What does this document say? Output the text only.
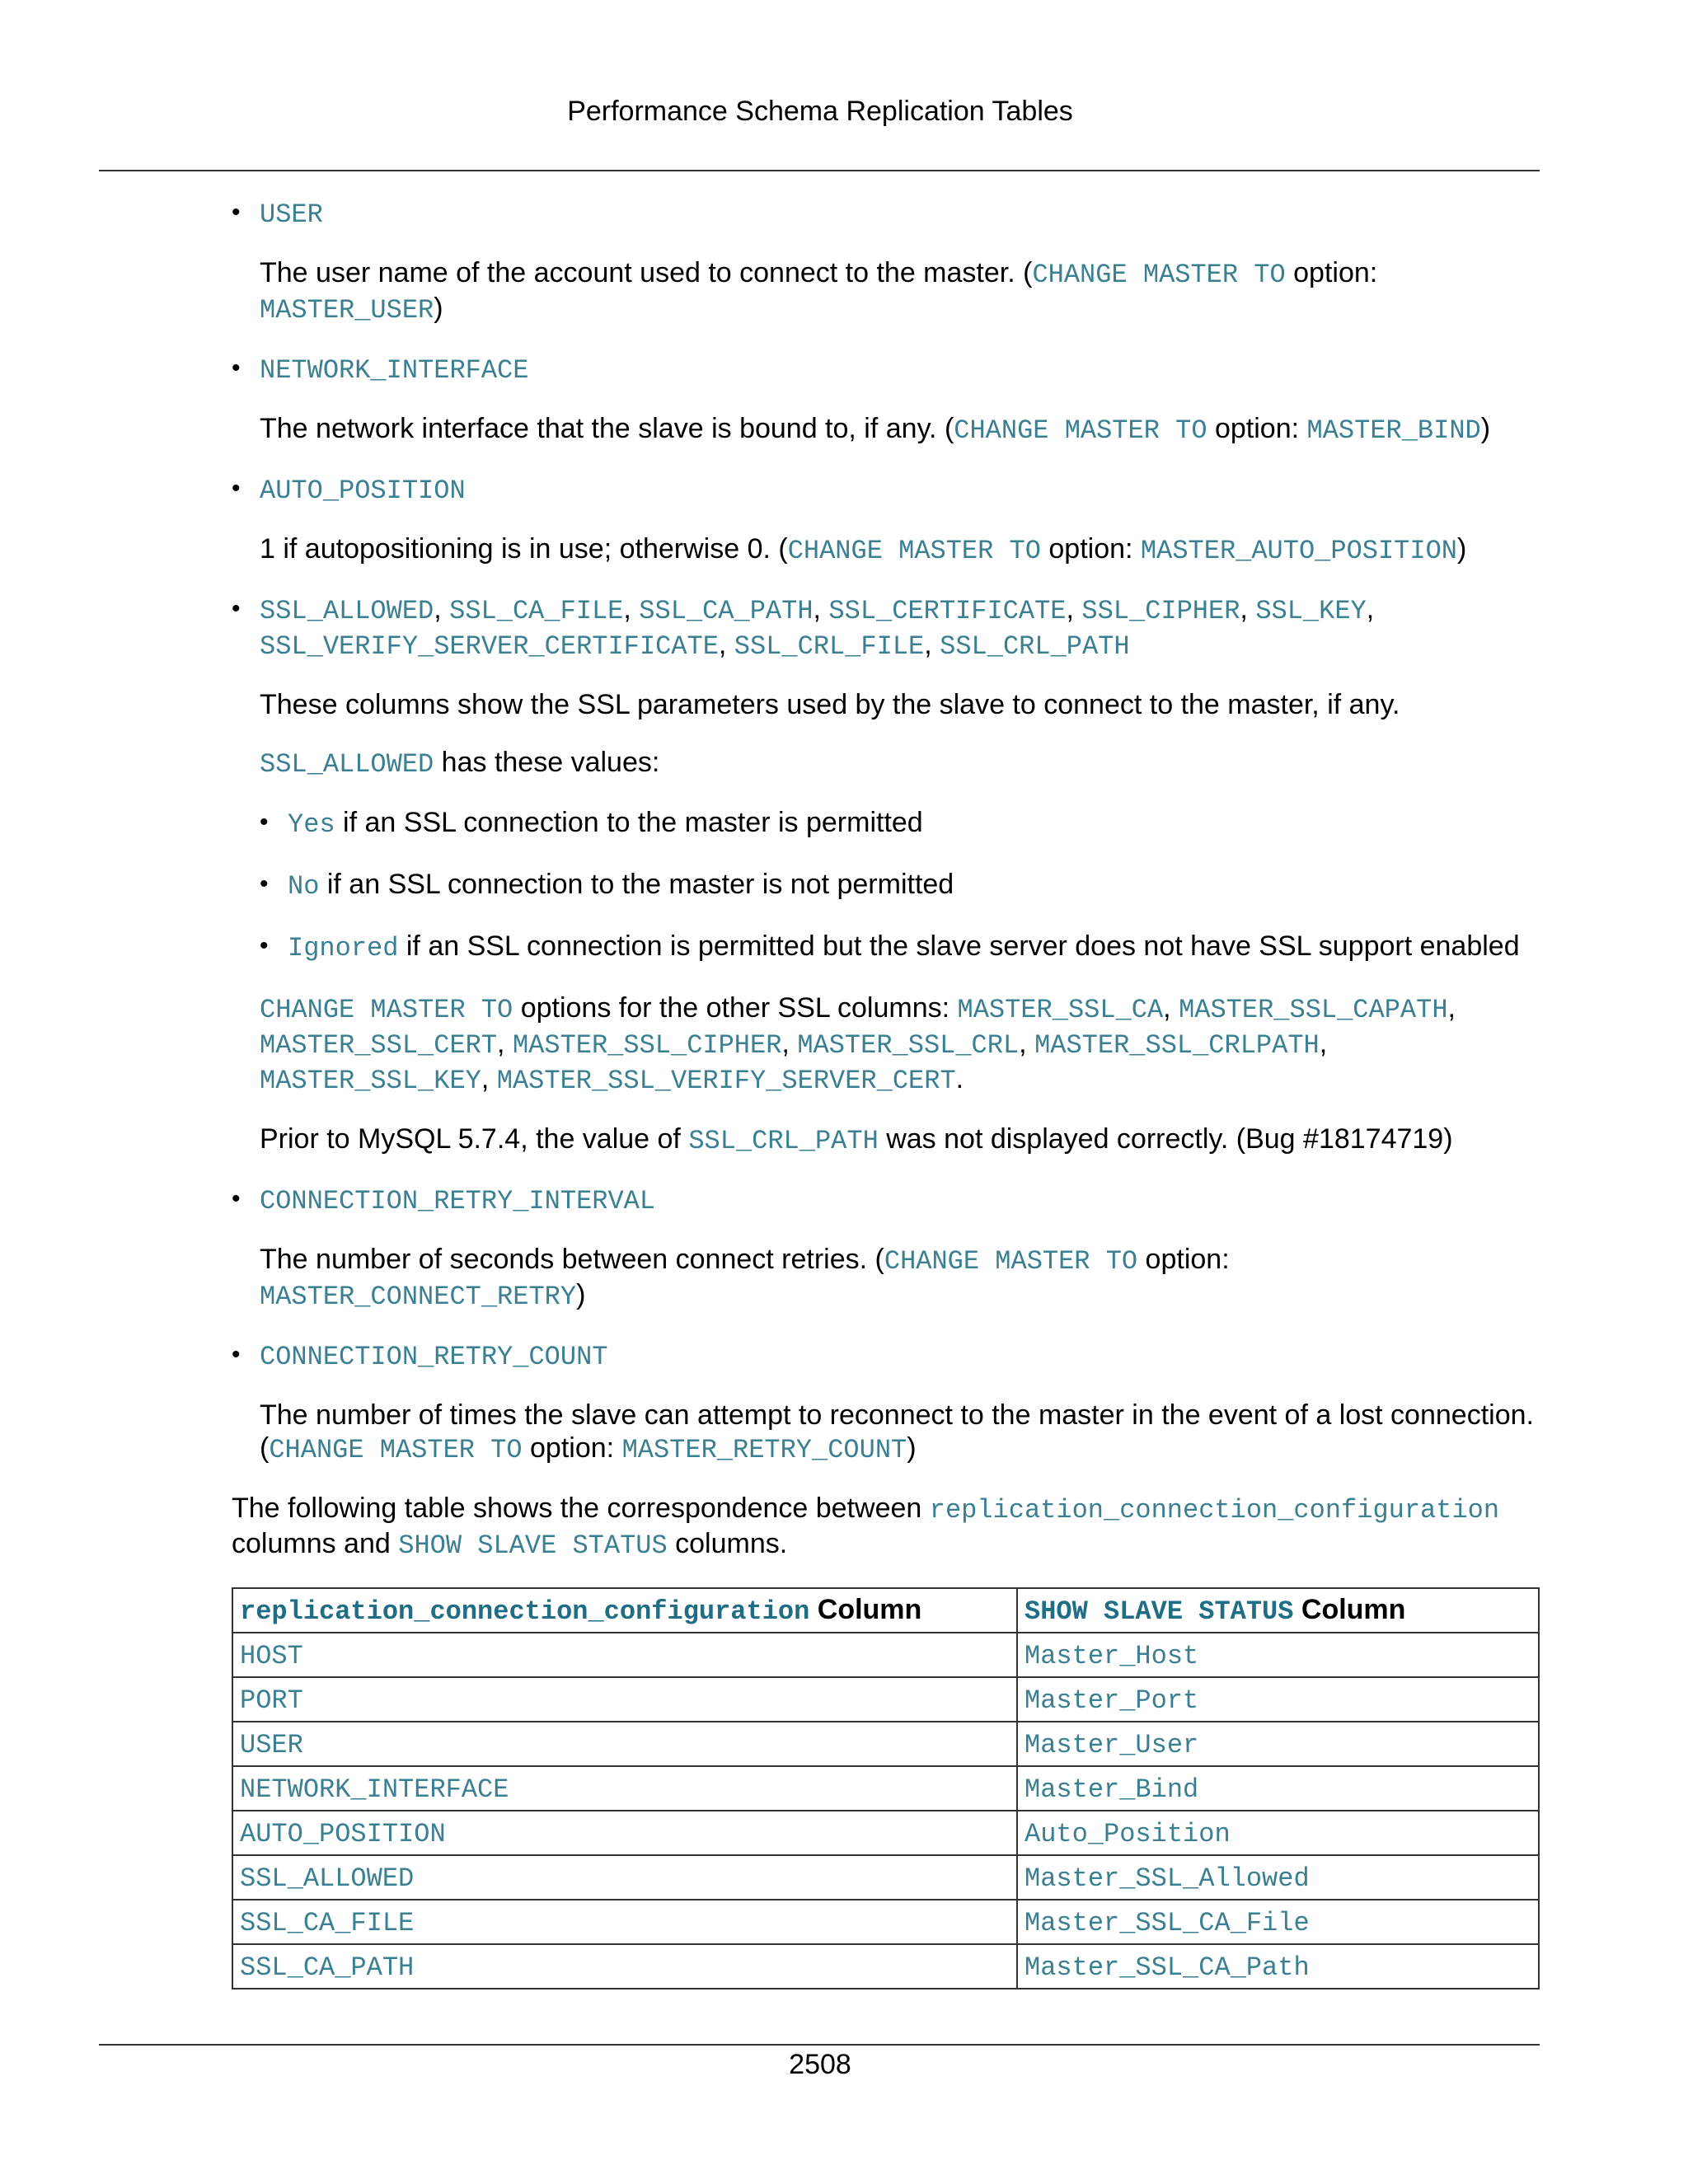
Performance Schema Replication Tables
• USER
The user name of the account used to connect to the master. (CHANGE MASTER TO option:
MASTER_USER)
• NETWORK_INTERFACE
The network interface that the slave is bound to, if any. (CHANGE MASTER TO option: MASTER_BIND)
• AUTO_POSITION
1 if autopositioning is in use; otherwise 0. (CHANGE MASTER TO option: MASTER_AUTO_POSITION)
• SSL_ALLOWED, SSL_CA_FILE, SSL_CA_PATH, SSL_CERTIFICATE, SSL_CIPHER, SSL_KEY,
SSL_VERIFY_SERVER_CERTIFICATE, SSL_CRL_FILE, SSL_CRL_PATH

These columns show the SSL parameters used by the slave to connect to the master, if any.

SSL_ALLOWED has these values:

• Yes if an SSL connection to the master is permitted
• No if an SSL connection to the master is not permitted
• Ignored if an SSL connection is permitted but the slave server does not have SSL support enabled

CHANGE MASTER TO options for the other SSL columns: MASTER_SSL_CA, MASTER_SSL_CAPATH,
MASTER_SSL_CERT, MASTER_SSL_CIPHER, MASTER_SSL_CRL, MASTER_SSL_CRLPATH,
MASTER_SSL_KEY, MASTER_SSL_VERIFY_SERVER_CERT.

Prior to MySQL 5.7.4, the value of SSL_CRL_PATH was not displayed correctly. (Bug #18174719)

• CONNECTION_RETRY_INTERVAL
The number of seconds between connect retries. (CHANGE MASTER TO option:
MASTER_CONNECT_RETRY)
• CONNECTION_RETRY_COUNT
The number of times the slave can attempt to reconnect to the master in the event of a lost connection. (CHANGE MASTER TO option: MASTER_RETRY_COUNT)

The following table shows the correspondence between replication_connection_configuration
columns and SHOW SLAVE STATUS columns.

replication_connection_configuration Column	SHOW SLAVE STATUS Column
HOST	Master_Host
PORT	Master_Port
USER	Master_User
NETWORK_INTERFACE	Master_Bind
AUTO_POSITION	Auto_Position
SSL_ALLOWED	Master_SSL_Allowed
SSL_CA_FILE	Master_SSL_CA_File
SSL_CA_PATH	Master_SSL_CA_Path
2508
